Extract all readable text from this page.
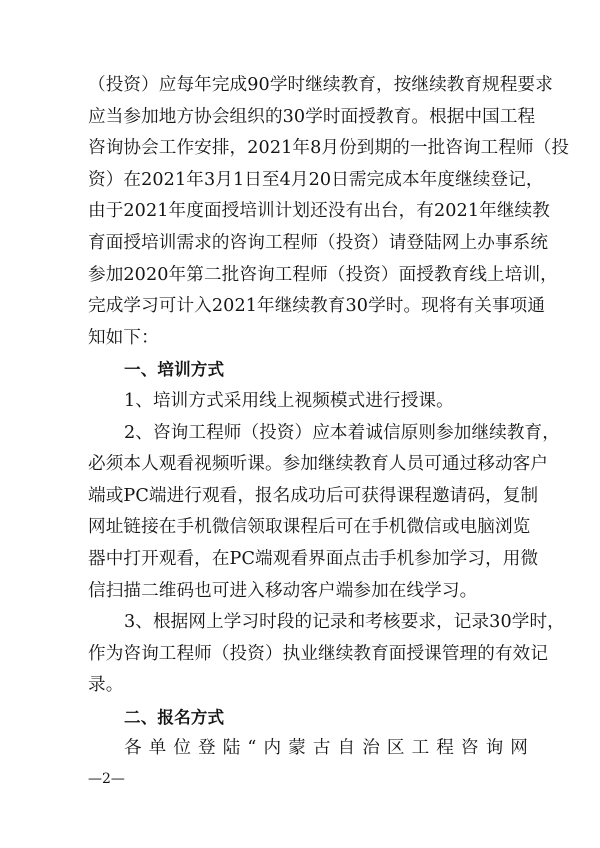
（投资）应每年完成90学时继续教育，按继续教育规程要求
应当参加地方协会组织的30学时面授教育。根据中国工程
咨询协会工作安排，2021年8月份到期的一批咨询工程师（投
资）在2021年3月1日至4月20日需完成本年度继续登记，
由于2021年度面授培训计划还没有出台，有2021年继续教
育面授培训需求的咨询工程师（投资）请登陆网上办事系统
参加2020年第二批咨询工程师（投资）面授教育线上培训，
完成学习可计入2021年继续教育30学时。现将有关事项通
知如下：
一、培训方式
1、培训方式采用线上视频模式进行授课。
2、咨询工程师（投资）应本着诚信原则参加继续教育，
必须本人观看视频听课。参加继续教育人员可通过移动客户
端或PC端进行观看，报名成功后可获得课程邀请码，复制
网址链接在手机微信领取课程后可在手机微信或电脑浏览
器中打开观看，在PC端观看界面点击手机参加学习，用微
信扫描二维码也可进入移动客户端参加在线学习。
3、根据网上学习时段的记录和考核要求，记录30学时，
作为咨询工程师（投资）执业继续教育面授课管理的有效记
录。
二、报名方式
各单位登陆“内蒙古自治区工程咨询网
—2—
